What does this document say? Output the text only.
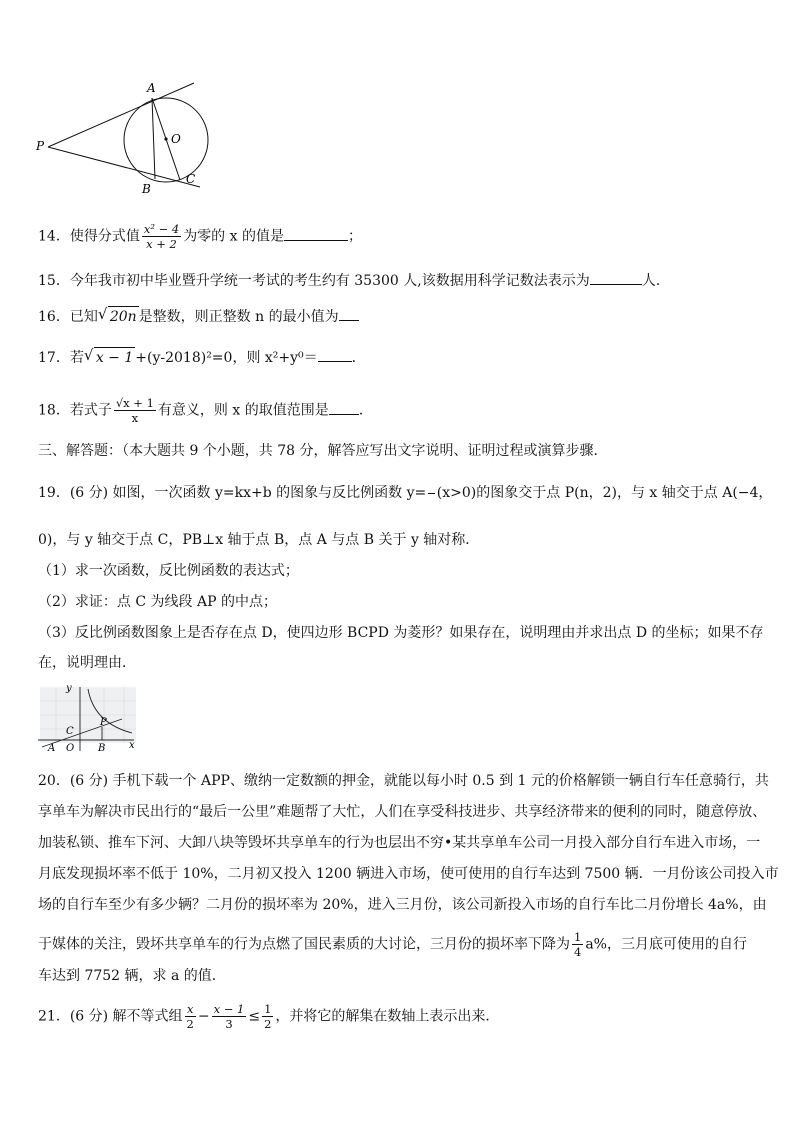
A
O
P
B
C
14．使得分式值 $\frac{\text{x² − 4}}{x + 2}$ 为零的 x 的值是	；
15．今年我市初中毕业暨升学统一考试的考生约有 35300 人,该数据用科学记数法表示为	人.
16．已知 √ 20n 是整数，则正整数 n 的最小值为
17．若 √ x − 1 +(y-2018)²=0，则 x²+y⁰＝ ．
18．若式子 $\frac{√x + 1}{x}$ 有意义，则 x 的取值范围是 .
三、解答题：（本大题共 9 个小题，共 78 分，解答应写出文字说明、证明过程或演算步骤．
19．(6 分) 如图，一次函数 y=kx+b 的图象与反比例函数 y=

(x>0)的图象交于点 P(n，2)，与 x 轴交于点 A(−4，
0)，与 y 轴交于点 C，PB⊥x 轴于点 B，点 A 与点 B 关于 y 轴对称．
（1）求一次函数，反比例函数的表达式；
（2）求证：点 C 为线段 AP 的中点；
（3）反比例函数图象上是否存在点 D，使四边形 BCPD 为菱形？如果存在，说明理由并求出点 D 的坐标；如果不存
在，说明理由．
y
x
P
C
A O B
20．(6 分) 手机下载一个 APP、缴纳一定数额的押金，就能以每小时 0.5 到 1 元的价格解锁一辆自行车任意骑行，共
享单车为解决市民出行的“最后一公里”难题帮了大忙，人们在享受科技进步、共享经济带来的便利的同时，随意停放、
加装私锁、推车下河、大卸八块等毁坏共享单车的行为也层出不穷•某共享单车公司一月投入部分自行车进入市场，一
月底发现损坏率不低于 10%，二月初又投入 1200 辆进入市场，使可使用的自行车达到 7500 辆．一月份该公司投入市
场的自行车至少有多少辆？二月份的损坏率为 20%，进入三月份，该公司新投入市场的自行车比二月份增长 4a%，由
于媒体的关注，毁坏共享单车的行为点燃了国民素质的大讨论，三月份的损坏率下降为 $\frac{1}{4} a\%$，三月底可使用的自行
车达到 7752 辆，求 a 的值．
21．(6 分) 解不等式组 $\frac{x}{2} - \frac{x - 1}{3} \le \frac{1}{2}$ ，并将它的解集在数轴上表示出来．
